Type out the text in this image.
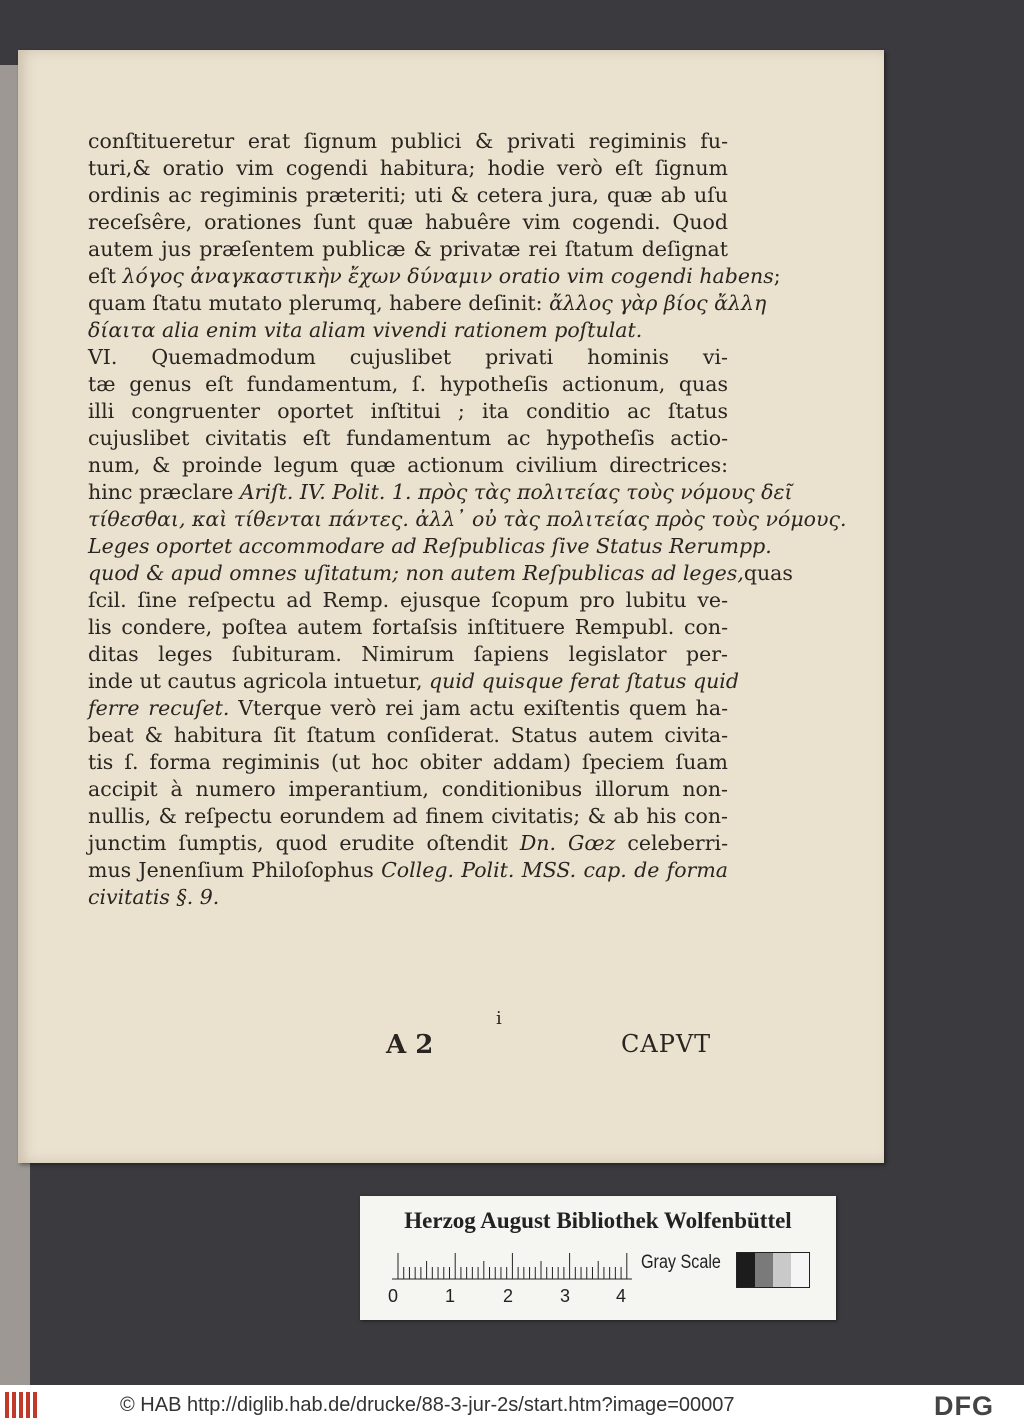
conſtitueretur erat ſignum publici & privati regiminis fu-
turi,& oratio vim cogendi habitura; hodie verò eſt ſignum
ordinis ac regiminis præteriti; uti & cetera jura, quæ ab uſu
receſsêre, orationes ſunt quæ habuêre vim cogendi. Quod
autem jus præſentem publicæ & privatæ rei ſtatum deſignat
eſt λόγος ἀναγκαστικὴν ἔχων δύναμιν oratio vim cogendi habens;
quam ſtatu mutato plerumq, habere deſinit: ἄλλος γὰρ βίος ἄλλη
δίαιτα alia enim vita aliam vivendi rationem poſtulat.
VI. Quemadmodum cujuslibet privati hominis vi-
tæ genus eſt fundamentum, ſ. hypotheſis actionum, quas
illi congruenter oportet inſtitui ; ita conditio ac ſtatus
cujuslibet civitatis eſt fundamentum ac hypotheſis actio-
num, & proinde legum quæ actionum civilium directrices:
hinc præclare Ariſt. IV. Polit. 1. πρὸς τὰς πολιτείας τοὺς νόμους δεῖ
τίθεσθαι, καὶ τίθενται πάντες. ἀλλ᾽ οὐ τὰς πολιτείας πρὸς τοὺς νόμους.
Leges oportet accommodare ad Reſpublicas ſive Status Rerumpp.
quod & apud omnes uſitatum; non autem Reſpublicas ad leges,quas
ſcil. ſine reſpectu ad Remp. ejusque ſcopum pro lubitu ve-
lis condere, poſtea autem fortaſsis inſtituere Rempubl. con-
ditas leges ſubituram. Nimirum ſapiens legislator per-
inde ut cautus agricola intuetur, quid quisque ferat ſtatus quid
ferre recuſet. Vterque verò rei jam actu exiſtentis quem ha-
beat & habitura ſit ſtatum conſiderat. Status autem civita-
tis ſ. forma regiminis (ut hoc obiter addam) ſpeciem ſuam
accipit à numero imperantium, conditionibus illorum non-
nullis, & reſpectu eorundem ad finem civitatis; & ab his con-
junctim ſumptis, quod erudite oſtendit Dn. Gœz celeberri-
mus Jenenſium Philoſophus Colleg. Polit. MSS. cap. de forma
civitatis §. 9.
i
A 2	CAPVT
Herzog August Bibliothek Wolfenbüttel
0	1	2	3	4
Gray Scale
© HAB http://diglib.hab.de/drucke/88-3-jur-2s/start.htm?image=00007	DFG
